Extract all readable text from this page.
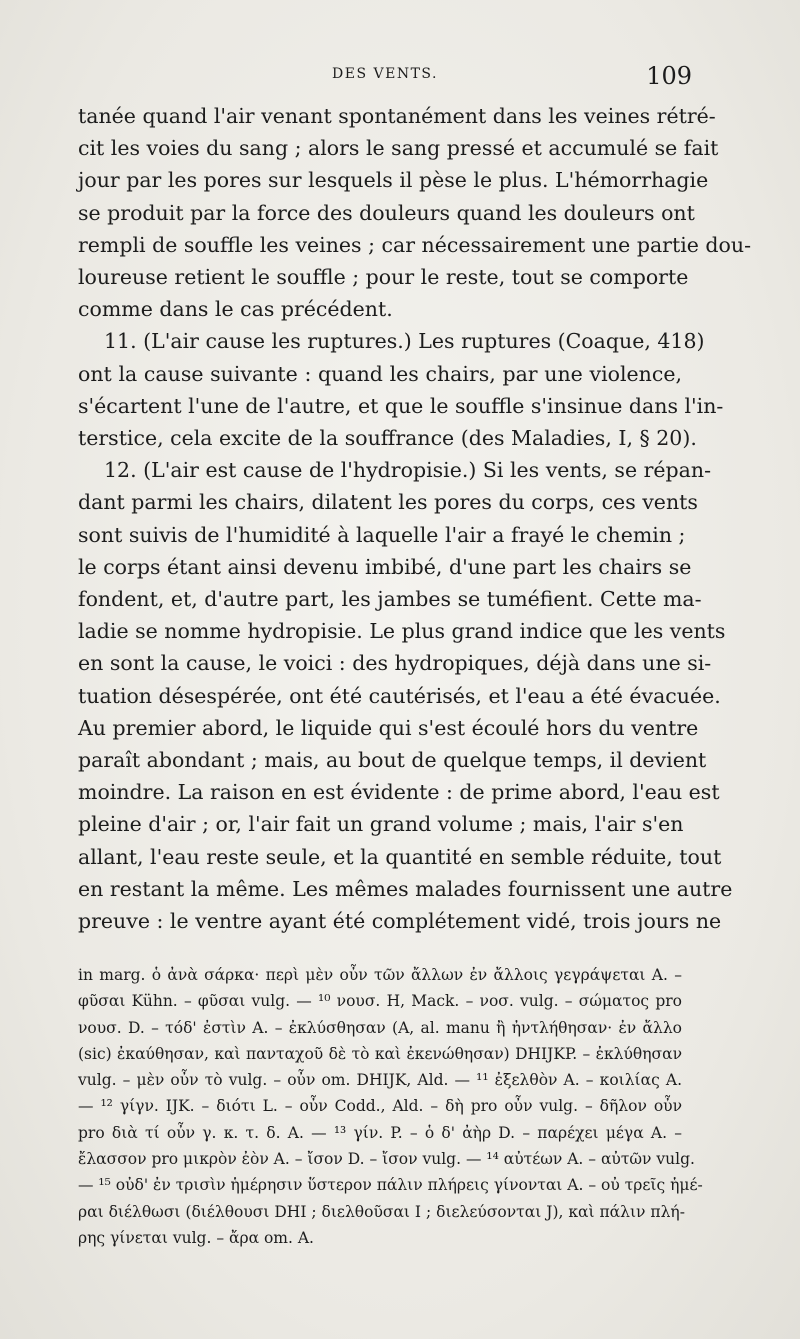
DES VENTS.	109
tanée quand l'air venant spontanément dans les veines rétré-
cit les voies du sang ; alors le sang pressé et accumulé se fait
jour par les pores sur lesquels il pèse le plus. L'hémorrhagie
se produit par la force des douleurs quand les douleurs ont
rempli de souffle les veines ; car nécessairement une partie dou-
loureuse retient le souffle ; pour le reste, tout se comporte
comme dans le cas précédent.
11. (L'air cause les ruptures.) Les ruptures (Coaque, 418)
ont la cause suivante : quand les chairs, par une violence,
s'écartent l'une de l'autre, et que le souffle s'insinue dans l'in-
terstice, cela excite de la souffrance (des Maladies, I, § 20).
12. (L'air est cause de l'hydropisie.) Si les vents, se répan-
dant parmi les chairs, dilatent les pores du corps, ces vents
sont suivis de l'humidité à laquelle l'air a frayé le chemin ;
le corps étant ainsi devenu imbibé, d'une part les chairs se
fondent, et, d'autre part, les jambes se tuméfient. Cette ma-
ladie se nomme hydropisie. Le plus grand indice que les vents
en sont la cause, le voici : des hydropiques, déjà dans une si-
tuation désespérée, ont été cautérisés, et l'eau a été évacuée.
Au premier abord, le liquide qui s'est écoulé hors du ventre
paraît abondant ; mais, au bout de quelque temps, il devient
moindre. La raison en est évidente : de prime abord, l'eau est
pleine d'air ; or, l'air fait un grand volume ; mais, l'air s'en
allant, l'eau reste seule, et la quantité en semble réduite, tout
en restant la même. Les mêmes malades fournissent une autre
preuve : le ventre ayant été complétement vidé, trois jours ne
in marg. ὁ ἀνὰ σάρκα· περὶ μὲν οὖν τῶν ἄλλων ἐν ἄλλοις γεγράψεται A. –
φῦσαι Kühn. – φῦσαι vulg. — ¹⁰ νουσ. H, Mack. – νοσ. vulg. – σώματος pro
νουσ. D. – τόδ' ἐστὶν A. – ἐκλύσθησαν (A, al. manu ἢ ἠντλήθησαν· ἐν ἄλλο
(sic) ἐκαύθησαν, καὶ πανταχοῦ δὲ τὸ καὶ ἐκενώθησαν) DHIJKP. – ἐκλύθησαν
vulg. – μὲν οὖν τὸ vulg. – οὖν om. DHIJK, Ald. — ¹¹ ἐξελθὸν A. – κοιλίας A.
— ¹² γίγν. IJK. – διότι L. – οὖν Codd., Ald. – δὴ pro οὖν vulg. – δῆλον οὖν
pro διὰ τί οὖν γ. κ. τ. δ. A. — ¹³ γίν. P. – ὁ δ' ἀὴρ D. – παρέχει μέγα A. –
ἔλασσον pro μικρὸν ἐὸν A. – ἴσον D. – ἴσον vulg. — ¹⁴ αὐτέων A. – αὐτῶν vulg.
— ¹⁵ οὐδ' ἐν τρισὶν ἡμέρησιν ὕστερον πάλιν πλήρεις γίνονται A. – οὐ τρεῖς ἡμέ-
ραι διέλθωσι (διέλθουσι DHI ; διελθοῦσαι I ; διελεύσονται J), καὶ πάλιν πλή-
ρης γίνεται vulg. – ἄρα om. A.
